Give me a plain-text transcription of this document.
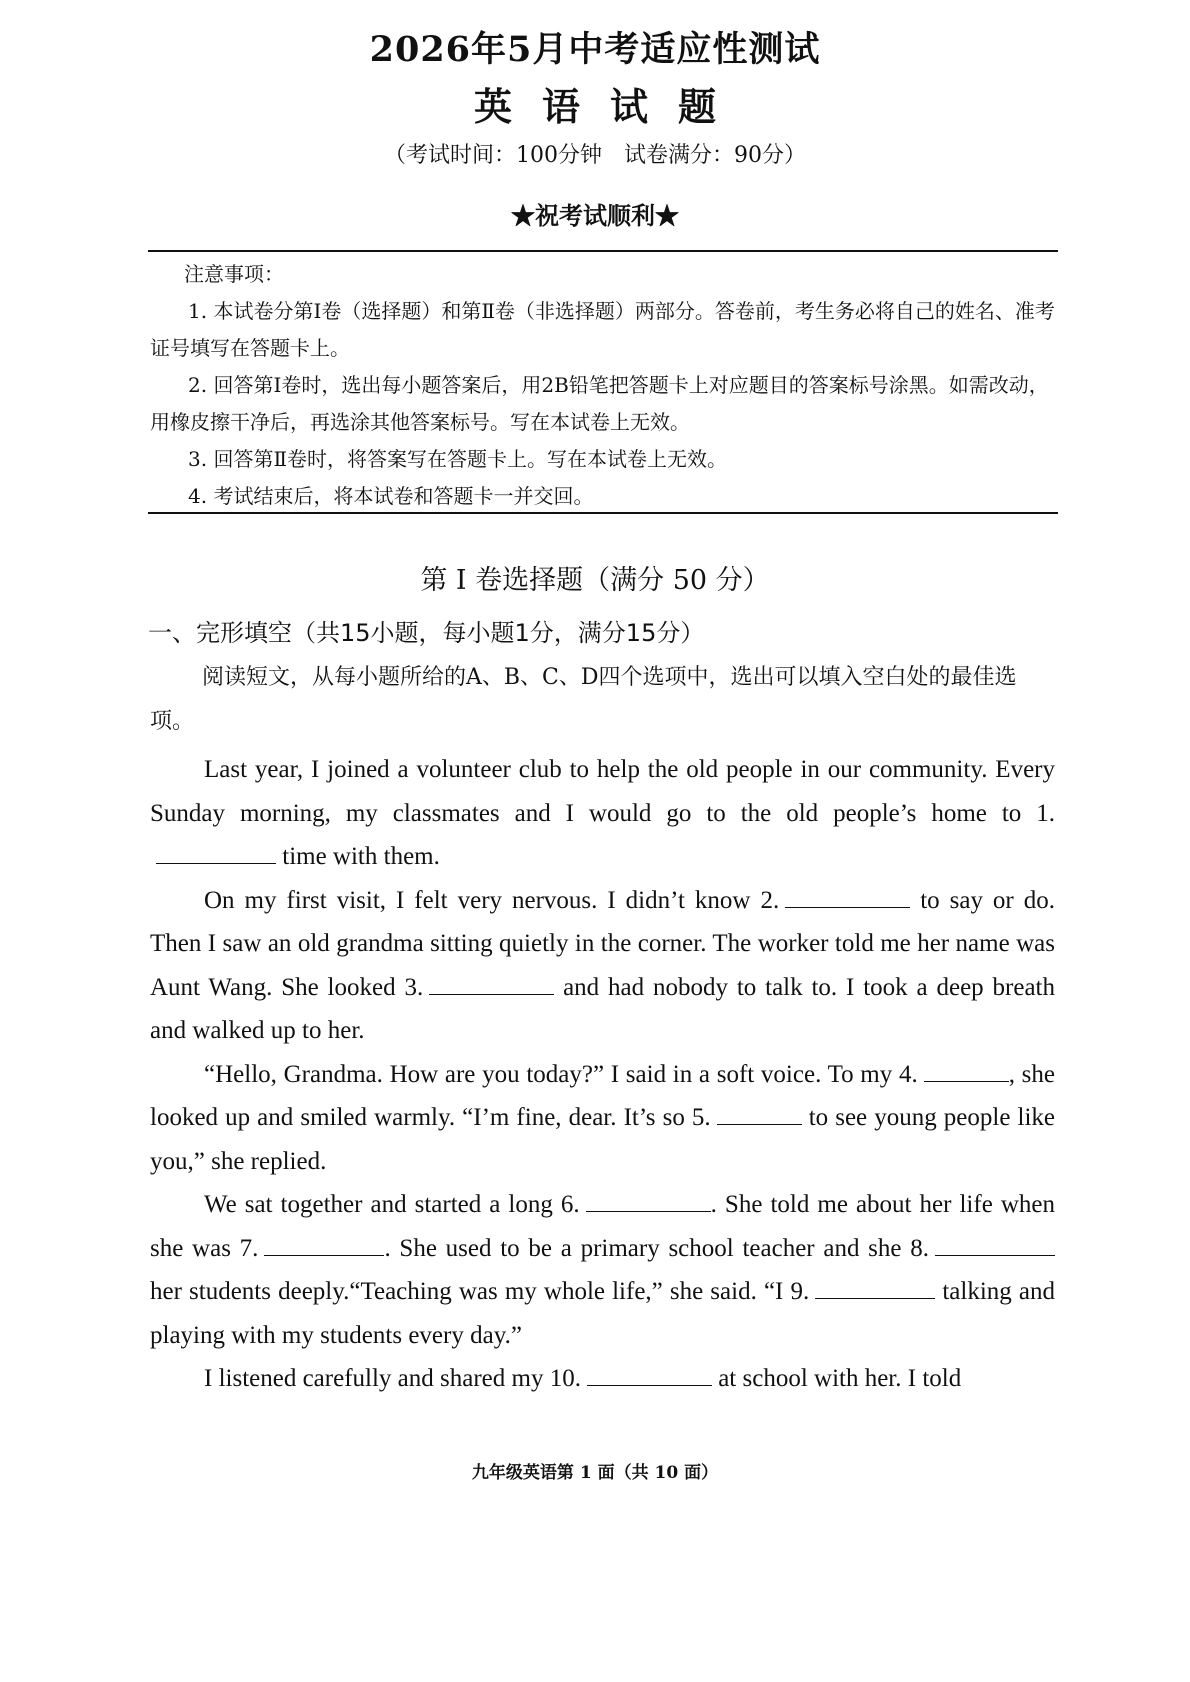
2026年5月中考适应性测试
英语试题
（考试时间：100分钟　试卷满分：90分）
★祝考试顺利★
注意事项：
1. 本试卷分第Ⅰ卷（选择题）和第Ⅱ卷（非选择题）两部分。答卷前，考生务必将自己的姓名、准考证号填写在答题卡上。
2. 回答第Ⅰ卷时，选出每小题答案后，用2B铅笔把答题卡上对应题目的答案标号涂黑。如需改动，用橡皮擦干净后，再选涂其他答案标号。写在本试卷上无效。
3. 回答第Ⅱ卷时，将答案写在答题卡上。写在本试卷上无效。
4. 考试结束后，将本试卷和答题卡一并交回。
第 Ⅰ 卷选择题（满分 50 分）
一、完形填空（共15小题，每小题1分，满分15分）
阅读短文，从每小题所给的A、B、C、D四个选项中，选出可以填入空白处的最佳选项。

Last year, I joined a volunteer club to help the old people in our community. Every Sunday morning, my classmates and I would go to the old people’s home to 1. time with them.

On my first visit, I felt very nervous. I didn’t know 2.	to say or do. Then I saw an old grandma sitting quietly in the corner. The worker told me her name was Aunt Wang. She looked 3.	and had nobody to talk to. I took a deep breath and walked up to her.

“Hello, Grandma. How are you today?” I said in a soft voice. To my 4.	, she looked up and smiled warmly. “I’m fine, dear. It’s so 5.	to see young people like you,” she replied.

We sat together and started a long 6.	. She told me about her life when she was 7.	. She used to be a primary school teacher and she 8. her students deeply.“Teaching was my whole life,” she said. “I 9.	talking and playing with my students every day.”

I listened carefully and shared my 10.	at school with her. I told

九年级英语第 1 面（共 10 面）
